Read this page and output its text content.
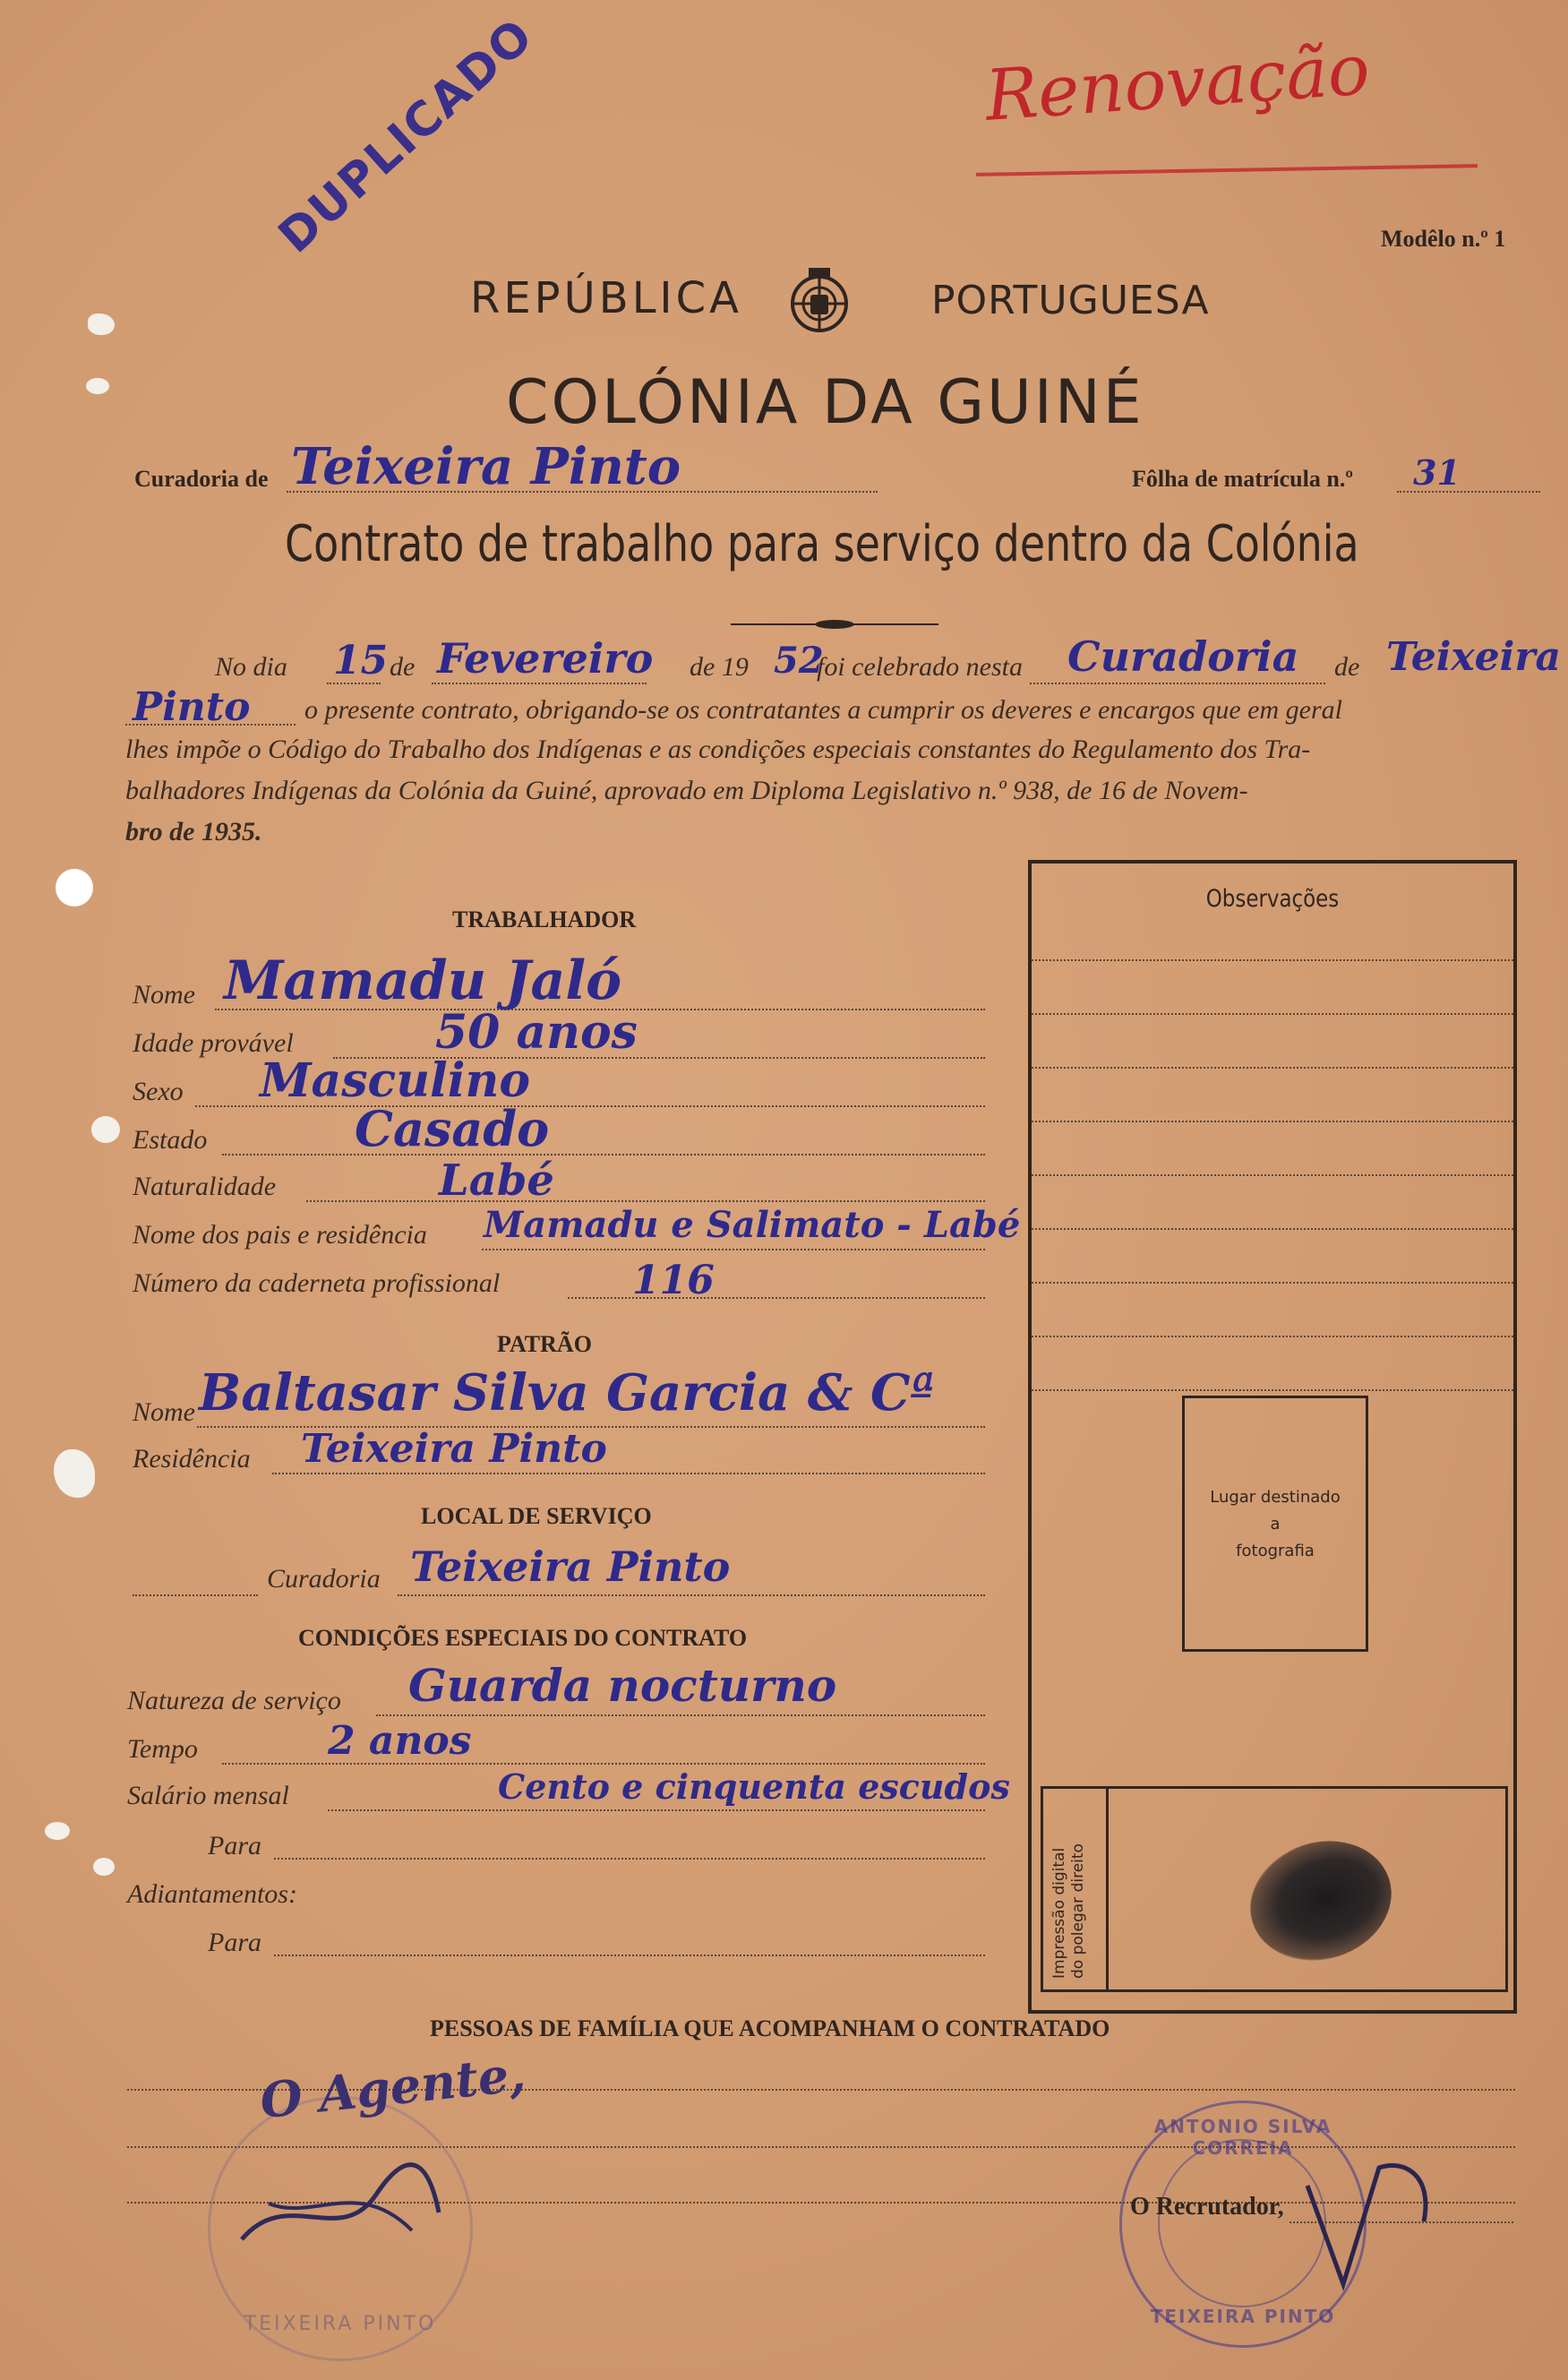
Renovação
DUPLICADO	Modêlo n.º 1
REPÚBLICA	PORTUGUESA
COLÓNIA DA GUINÉ
Curadoria de Teixeira Pinto	Fôlha de matrícula n.º 31
Contrato de trabalho para serviço dentro da Colónia
No dia 15 de Fevereiro de 19 52
foi celebrado nesta Curadoria de Teixeira
Pinto o presente contrato, obrigando-se os contratantes a cumprir os deveres e encargos que em geral
lhes impõe o Código do Trabalho dos Indígenas e as condições especiais constantes do Regulamento dos Tra-
balhadores Indígenas da Colónia da Guiné, aprovado em Diploma Legislativo n.º 938, de 16 de Novem-
bro de 1935.
Observações
Lugar destinado
a
fotografia
Impressão digital do polegar direito
TRABALHADOR
Nome Mamadu Jaló
Idade provável	50 anos
Sexo Masculino
Estado	Casado
Naturalidade	Labé
Nome dos pais e residência Mamadu e Salimato - Labé
Número da caderneta profissional	116
PATRÃO
Nome Baltasar Silva Garcia & Cª
Residência Teixeira Pinto
LOCAL DE SERVIÇO
Curadoria Teixeira Pinto
CONDIÇÕES ESPECIAIS DO CONTRATO
Natureza de serviço Guarda nocturno
Tempo	2 anos
Salário mensal	Cento e cinquenta escudos
Para
Adiantamentos:
Para
PESSOAS DE FAMÍLIA QUE ACOMPANHAM O CONTRATADO
TEIXEIRA PINTO
O Agente,	ANTONIO SILVA CORREIA
TEIXEIRA PINTO
O Recrutador,
